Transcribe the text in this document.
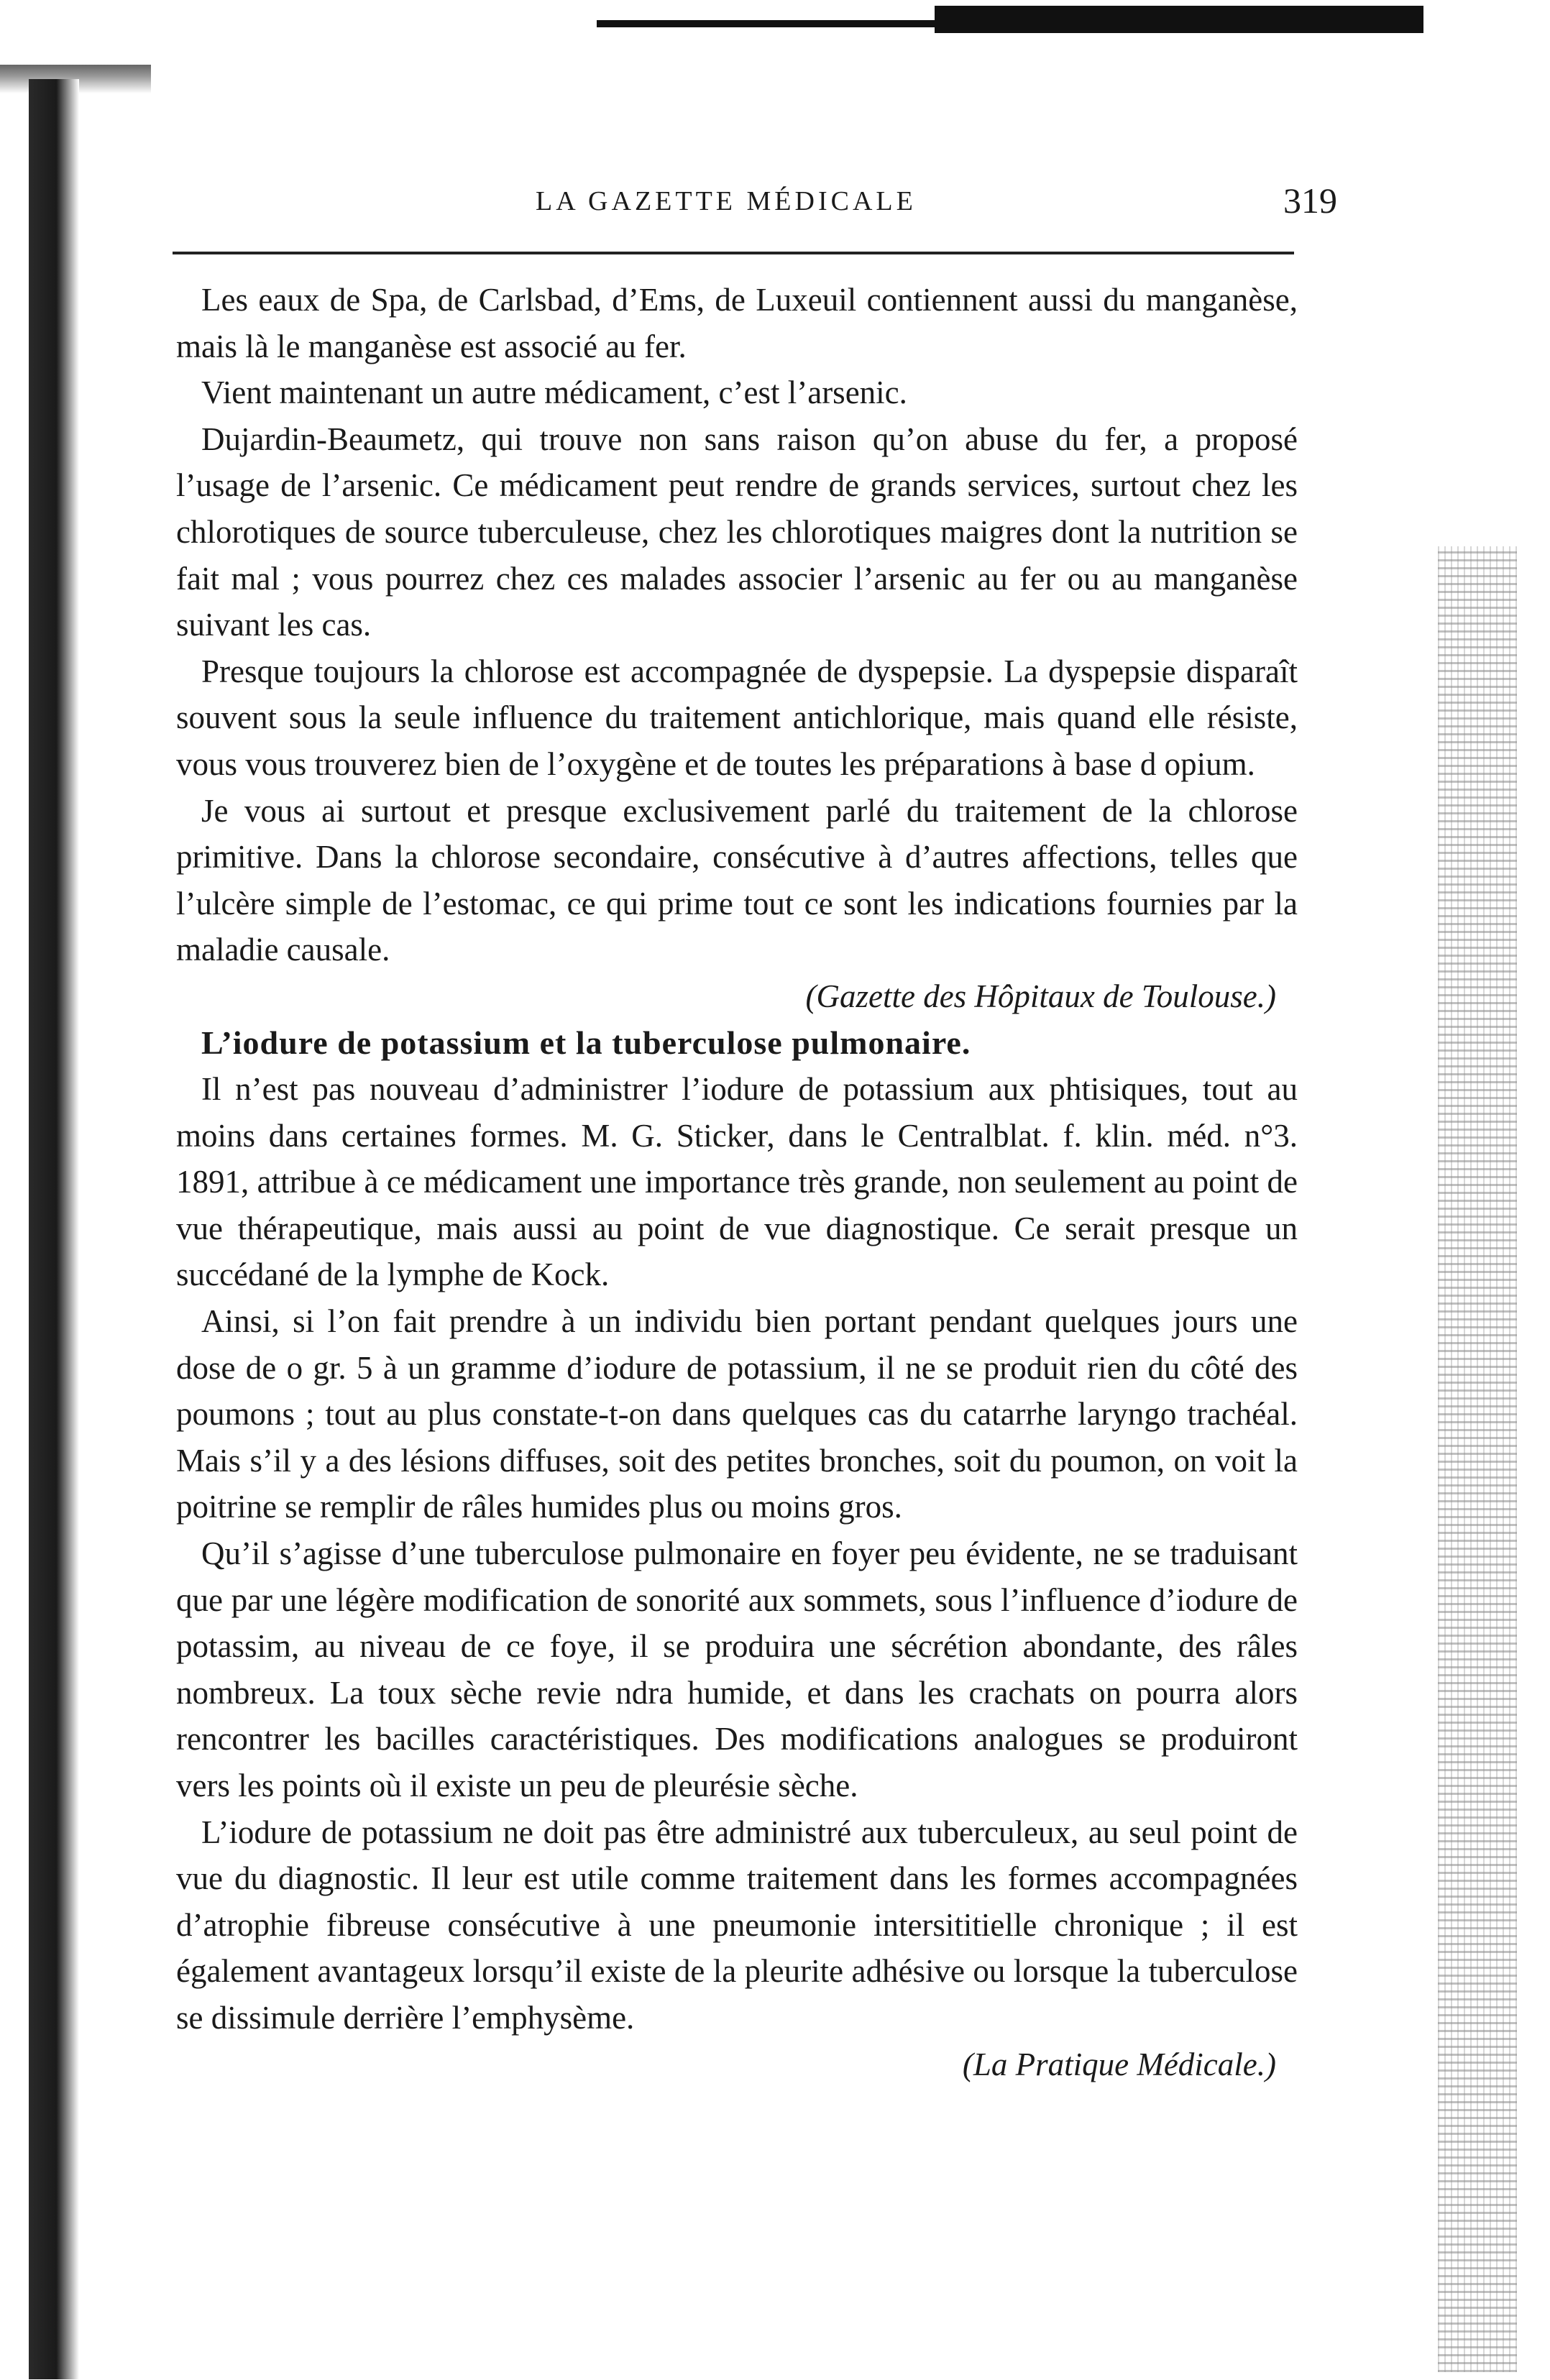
LA GAZETTE MÉDICALE	319

Les eaux de Spa, de Carlsbad, d’Ems, de Luxeuil contiennent aussi du manganèse, mais là le manganèse est associé au fer.

Vient maintenant un autre médicament, c’est l’arsenic.

Dujardin-Beaumetz, qui trouve non sans raison qu’on abuse du fer, a proposé l’usage de l’arsenic. Ce médicament peut rendre de grands services, surtout chez les chlorotiques de source tuberculeuse, chez les chlorotiques maigres dont la nutrition se fait mal ; vous pourrez chez ces malades associer l’arsenic au fer ou au manganèse suivant les cas.

Presque toujours la chlorose est accompagnée de dyspepsie. La dyspepsie disparaît souvent sous la seule influence du traitement antichlorique, mais quand elle résiste, vous vous trouverez bien de l’oxygène et de toutes les préparations à base d opium.

Je vous ai surtout et presque exclusivement parlé du traitement de la chlorose primitive. Dans la chlorose secondaire, consécutive à d’autres affections, telles que l’ulcère simple de l’estomac, ce qui prime tout ce sont les indications fournies par la maladie causale.

(Gazette des Hôpitaux de Toulouse.)

L’iodure de potassium et la tuberculose pulmonaire.

Il n’est pas nouveau d’administrer l’iodure de potassium aux phtisiques, tout au moins dans certaines formes. M. G. Sticker, dans le Centralblat. f. klin. méd. n°3. 1891, attribue à ce médicament une importance très grande, non seulement au point de vue thérapeutique, mais aussi au point de vue diagnostique. Ce serait presque un succédané de la lymphe de Kock.

Ainsi, si l’on fait prendre à un individu bien portant pendant quelques jours une dose de o gr. 5 à un gramme d’iodure de potassium, il ne se produit rien du côté des poumons ; tout au plus constate-t-on dans quelques cas du catarrhe laryngo trachéal. Mais s’il y a des lésions diffuses, soit des petites bronches, soit du poumon, on voit la poitrine se remplir de râles humides plus ou moins gros.

Qu’il s’agisse d’une tuberculose pulmonaire en foyer peu évidente, ne se traduisant que par une légère modification de sonorité aux sommets, sous l’influence d’iodure de potassim, au niveau de ce foye, il se produira une sécrétion abondante, des râles nombreux. La toux sèche revie ndra humide, et dans les crachats on pourra alors rencontrer les bacilles caractéristiques. Des modifications analogues se produiront vers les points où il existe un peu de pleurésie sèche.

L’iodure de potassium ne doit pas être administré aux tuberculeux, au seul point de vue du diagnostic. Il leur est utile comme traitement dans les formes accompagnées d’atrophie fibreuse consécutive à une pneumonie intersititielle chronique ; il est également avantageux lorsqu’il existe de la pleurite adhésive ou lorsque la tuberculose se dissimule derrière l’emphysème.

(La Pratique Médicale.)
